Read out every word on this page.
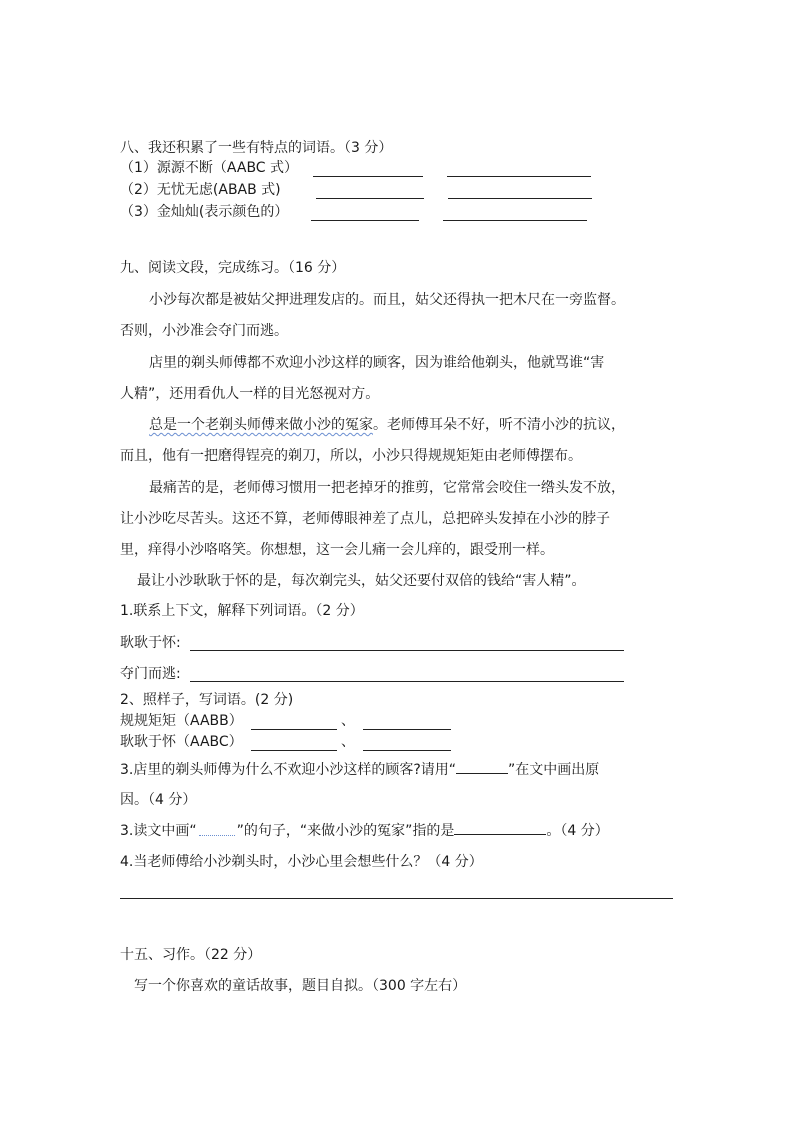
八、我还积累了一些有特点的词语。（3 分）
（1）源源不断（AABC 式）
（2）无忧无虑(ABAB 式)
（3）金灿灿(表示颜色的）
九、阅读文段，完成练习。（16 分）
小沙每次都是被姑父押进理发店的。而且，姑父还得执一把木尺在一旁监督。
否则，小沙准会夺门而逃。
店里的剃头师傅都不欢迎小沙这样的顾客，因为谁给他剃头，他就骂谁“害
人精”，还用看仇人一样的目光怒视对方。
总是一个老剃头师傅来做小沙的冤家。老师傅耳朵不好，听不清小沙的抗议，
而且，他有一把磨得锃亮的剃刀，所以，小沙只得规规矩矩由老师傅摆布。
最痛苦的是，老师傅习惯用一把老掉牙的推剪，它常常会咬住一绺头发不放，
让小沙吃尽苦头。这还不算，老师傅眼神差了点儿，总把碎头发掉在小沙的脖子
里，痒得小沙咯咯笑。你想想，这一会儿痛一会儿痒的，跟受刑一样。
最让小沙耿耿于怀的是，每次剃完头，姑父还要付双倍的钱给“害人精”。
1.联系上下文，解释下列词语。（2 分）
耿耿于怀:
夺门而逃:
2、照样子，写词语。(2 分)
规规矩矩（AABB）	、
耿耿于怀（AABC）	、
3.店里的剃头师傅为什么不欢迎小沙这样的顾客?请用“	”在文中画出原
因。（4 分）
3.读文中画“	”的句子，“来做小沙的冤家”指的是	。（4 分）
4.当老师傅给小沙剃头时，小沙心里会想些什么？（4 分）
十五、习作。（22 分）
写一个你喜欢的童话故事，题目自拟。（300 字左右）
